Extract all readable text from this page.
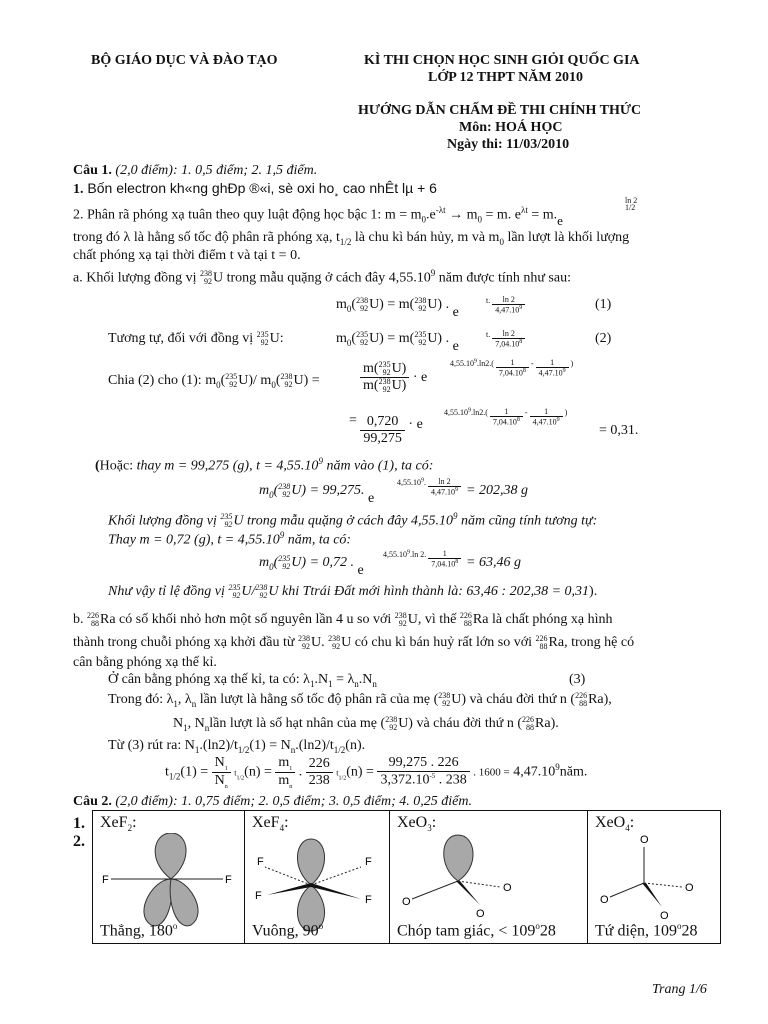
BỘ GIÁO DỤC VÀ ĐÀO TẠO	KÌ THI CHỌN HỌC SINH GIỎI QUỐC GIA
LỚP 12 THPT NĂM 2010
HƯỚNG DẪN CHẤM ĐỀ THI CHÍNH THỨC
Môn: HOÁ HỌC
Ngày thi: 11/03/2010
Câu 1. (2,0 điểm): 1. 0,5 điểm; 2. 1,5 điểm.
1. Bốn electron kh«ng ghÐp ®«i, sè oxi ho¸ cao nhÊt lµ + 6
2. Phân rã phóng xạ tuân theo quy luật động học bậc 1: $m = m_0.e^{-\lambda t} \to m_0 = m$. $e^{\lambda t} = m.e$
ln 2
1/2
trong đó λ là hằng số tốc độ phân rã phóng xạ, $t_{1/2}$ là chu kì bán hủy, m và $m_0$ lần lượt là khối lượng
chất phóng xạ tại thời điểm t và tại t = 0.
a. Khối lượng đồng vị 238
92 U trong mẫu quặng ở cách đây 4,55.10$^9$ năm được tính như sau:
$m_0$( 238
92 U) = m( 238
92 U) . e
t. $\frac{\ln 2}{4,47.10^9}$	(1)
Tương tự, đối với đồng vị 235
92 U:	$m_0$( 235
92 U) = m( 235
92 U) . e
t. $\frac{\ln 2}{7,04.10^8}$	(2)
Chia (2) cho (1): $m_0$( 235
92 U)/ $m_0$( 238
92 U) =	m( 235
92 U)
m( 238
92 U) · e
$4,55.10^9.\ln 2.( \frac{1}{7,04.10^8} - \frac{1}{4,47.10^9}$ )
= $\frac{0,720}{99,275} \cdot e$
$4,55.10^9.\ln 2.( \frac{1}{7,04.10^8} - \frac{1}{4,47.10^9}$ )
= 0,31.
(Hoặc: thay m = 99,275 (g), $t = 4,55.10^9$ năm vào (1), ta có:
$m_0$( 238
92 U) = 99,275. e
4,55.10$^9$. $\frac{\ln 2}{4,47.10^9} = 202,38$ g
Khối lượng đồng vị 235
92 U trong mẫu quặng ở cách đây 4,55.10$^9$ năm cũng tính tương tự:
Thay m = 0,72 (g), $t = 4,55.10^9$ năm, ta có:
$m_0$( 235
92 U) = 0,72 . e
4,55.10$^9$.ln 2. $\frac{1}{7,04.10^8} = 63,46$ g
Như vậy tỉ lệ đồng vị 235
92 U/ 238
92 U khi Ttrái Đất mới hình thành là: 63,46 : 202,38 = 0,31).
b. 226
88 Ra có số khối nhỏ hơn một số nguyên lần 4 u so với 238
92 U, vì thế 226
88 Ra là chất phóng xạ hình
thành trong chuỗi phóng xạ khởi đầu từ 238
92 U. 238
92 U có chu kì bán huỷ rất lớn so với 226
88 Ra, trong hệ có
cân bằng phóng xạ thế kỉ.
Ở cân bằng phóng xạ thế kỉ, ta có: $\lambda_1.N_1 = \lambda_n.N_n$	(3)
Trong đó: $\lambda_1$, $\lambda_n$ lần lượt là hằng số tốc độ phân rã của mẹ ( 238
92 U) và cháu đời thứ n ( 226
88 Ra),
$N_1$, $N_nlần$ lượt là số hạt nhân của mẹ ( 238
92 U) và cháu đời thứ n ( 226
88 Ra).
Từ (3) rút ra: $N_1.(\ln 2)/t_{1/2}(1) = N_n.(\ln 2)/t_{1/2}(n)$.
$t_{1/2}(1) = \frac{N_1}{N_n} t_{1/2}(n) = \frac{m_1}{m_n}$ . $\frac{226}{238} t_{1/2}(n) = \frac{99,275 . 226}{3,372.10^{-5} . 238}$ . $1600 = 4,47.10^9năm$.
Câu 2. (2,0 điểm): 1. 0,75 điểm; 2. 0,5 điểm; 3. 0,5 điểm; 4. 0,25 điểm.
1.
2.
XeF$_2$:
F	F
Thẳng, 180$^o$
XeF$_4$:
F	F
F	F
Vuông, 90$^o$
XeO$_3$:
O
O
O
Chóp tam giác, < $109^o28$
XeO$_4$:
O
O
O
O
Tứ diện, 109$^o$28
Trang 1/6
